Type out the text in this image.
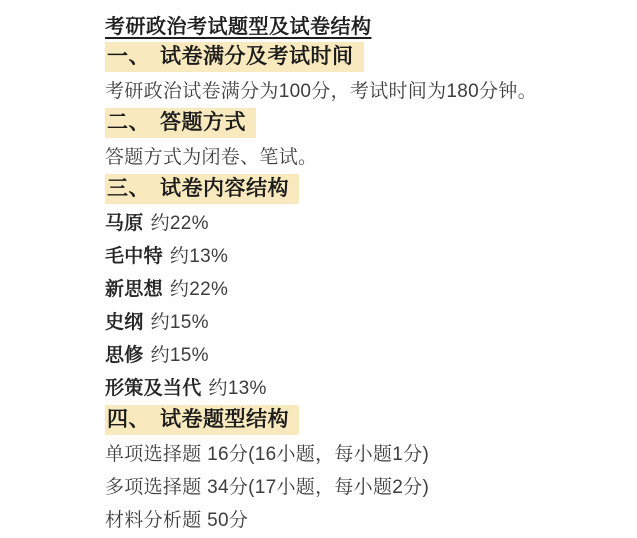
考研政治考试题型及试卷结构
一、 试卷满分及考试时间
考研政治试卷满分为100分，考试时间为180分钟。
二、 答题方式
答题方式为闭卷、笔试。
三、 试卷内容结构
马原 约22%
毛中特 约13%
新思想 约22%
史纲 约15%
思修 约15%
形策及当代 约13%
四、 试卷题型结构
单项选择题 16分(16小题，每小题1分)
多项选择题 34分(17小题，每小题2分)
材料分析题 50分
